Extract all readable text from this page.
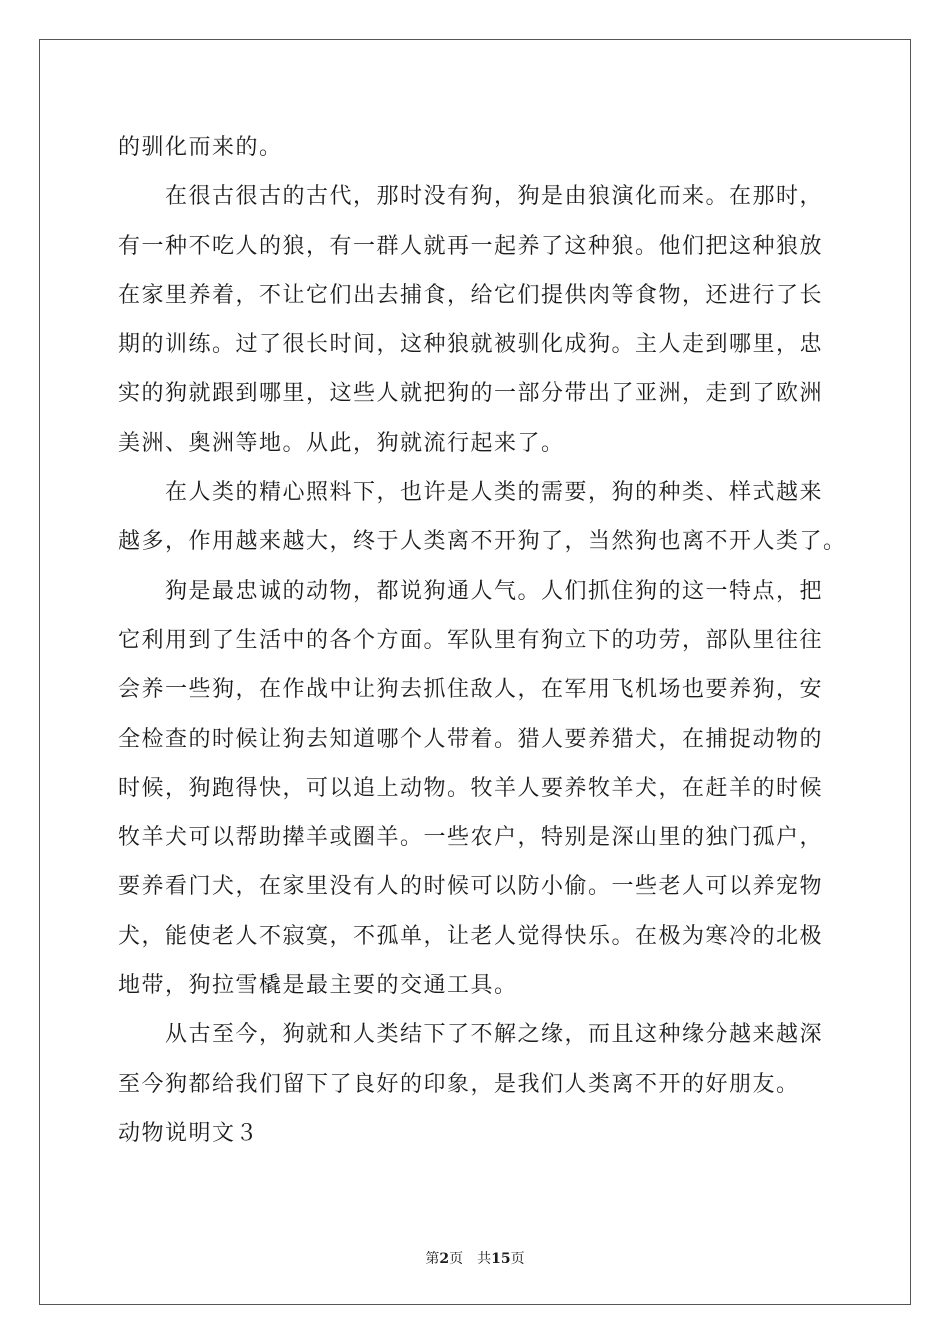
的驯化而来的。
在很古很古的古代，那时没有狗，狗是由狼演化而来。在那时，
有一种不吃人的狼，有一群人就再一起养了这种狼。他们把这种狼放
在家里养着，不让它们出去捕食，给它们提供肉等食物，还进行了长
期的训练。过了很长时间，这种狼就被驯化成狗。主人走到哪里，忠
实的狗就跟到哪里，这些人就把狗的一部分带出了亚洲，走到了欧洲
美洲、奥洲等地。从此，狗就流行起来了。
在人类的精心照料下，也许是人类的需要，狗的种类、样式越来
越多，作用越来越大，终于人类离不开狗了，当然狗也离不开人类了。
狗是最忠诚的动物，都说狗通人气。人们抓住狗的这一特点，把
它利用到了生活中的各个方面。军队里有狗立下的功劳，部队里往往
会养一些狗，在作战中让狗去抓住敌人，在军用飞机场也要养狗，安
全检查的时候让狗去知道哪个人带着。猎人要养猎犬，在捕捉动物的
时候，狗跑得快，可以追上动物。牧羊人要养牧羊犬，在赶羊的时候
牧羊犬可以帮助撵羊或圈羊。一些农户，特别是深山里的独门孤户，
要养看门犬，在家里没有人的时候可以防小偷。一些老人可以养宠物
犬，能使老人不寂寞，不孤单，让老人觉得快乐。在极为寒冷的北极
地带，狗拉雪橇是最主要的交通工具。
从古至今，狗就和人类结下了不解之缘，而且这种缘分越来越深
至今狗都给我们留下了良好的印象，是我们人类离不开的好朋友。
动物说明文３
第2页 共15页
